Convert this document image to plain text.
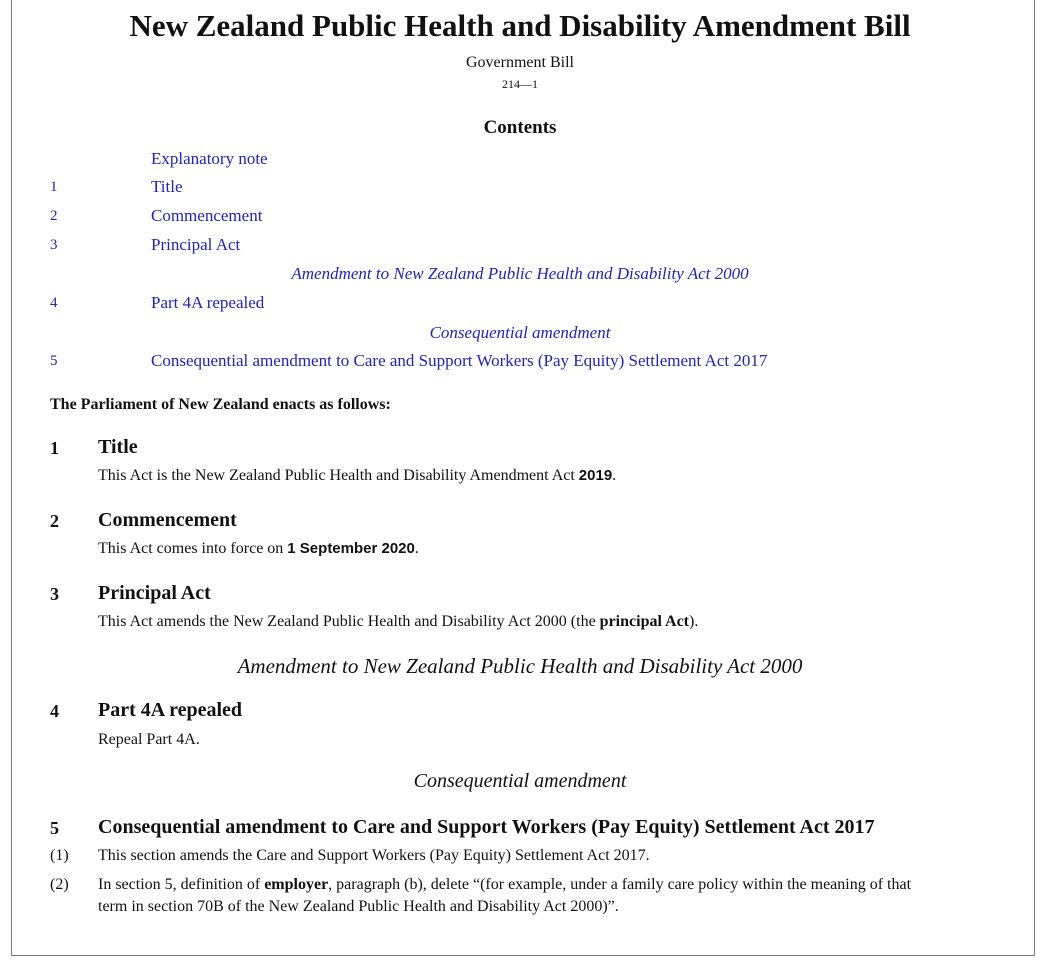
New Zealand Public Health and Disability Amendment Bill
Government Bill
214—1
Contents
Explanatory note
1	Title
2	Commencement
3	Principal Act
Amendment to New Zealand Public Health and Disability Act 2000
4	Part 4A repealed
Consequential amendment
5	Consequential amendment to Care and Support Workers (Pay Equity) Settlement Act 2017
The Parliament of New Zealand enacts as follows:
1 Title
This Act is the New Zealand Public Health and Disability Amendment Act 2019.
2 Commencement
This Act comes into force on 1 September 2020.
3 Principal Act
This Act amends the New Zealand Public Health and Disability Act 2000 (the principal Act).
Amendment to New Zealand Public Health and Disability Act 2000
4 Part 4A repealed
Repeal Part 4A.
Consequential amendment
5 Consequential amendment to Care and Support Workers (Pay Equity) Settlement Act 2017
(1) This section amends the Care and Support Workers (Pay Equity) Settlement Act 2017.
(2) In section 5, definition of employer, paragraph (b), delete “(for example, under a family care policy within the meaning of that term in section 70B of the New Zealand Public Health and Disability Act 2000)”.
